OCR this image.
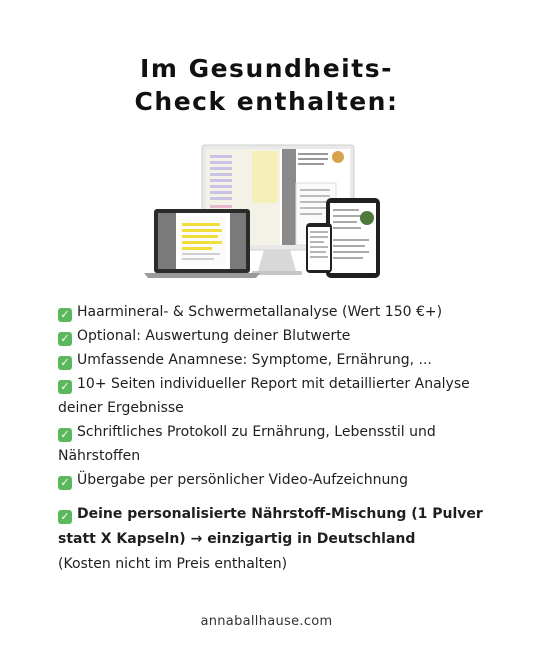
Im Gesundheits-
Check enthalten:

✓ Haarmineral- & Schwermetallanalyse (Wert 150 €+)

✓ Optional: Auswertung deiner Blutwerte

✓ Umfassende Anamnese: Symptome, Ernährung, ...

✓ 10+ Seiten individueller Report mit detaillierter Analyse deiner Ergebnisse

✓ Schriftliches Protokoll zu Ernährung, Lebensstil und Nährstoffen

✓ Übergabe per persönlicher Video-Aufzeichnung

✓ Deine personalisierte Nährstoff-Mischung (1 Pulver statt X Kapseln) → einzigartig in Deutschland

(Kosten nicht im Preis enthalten)

annaballhause.com
